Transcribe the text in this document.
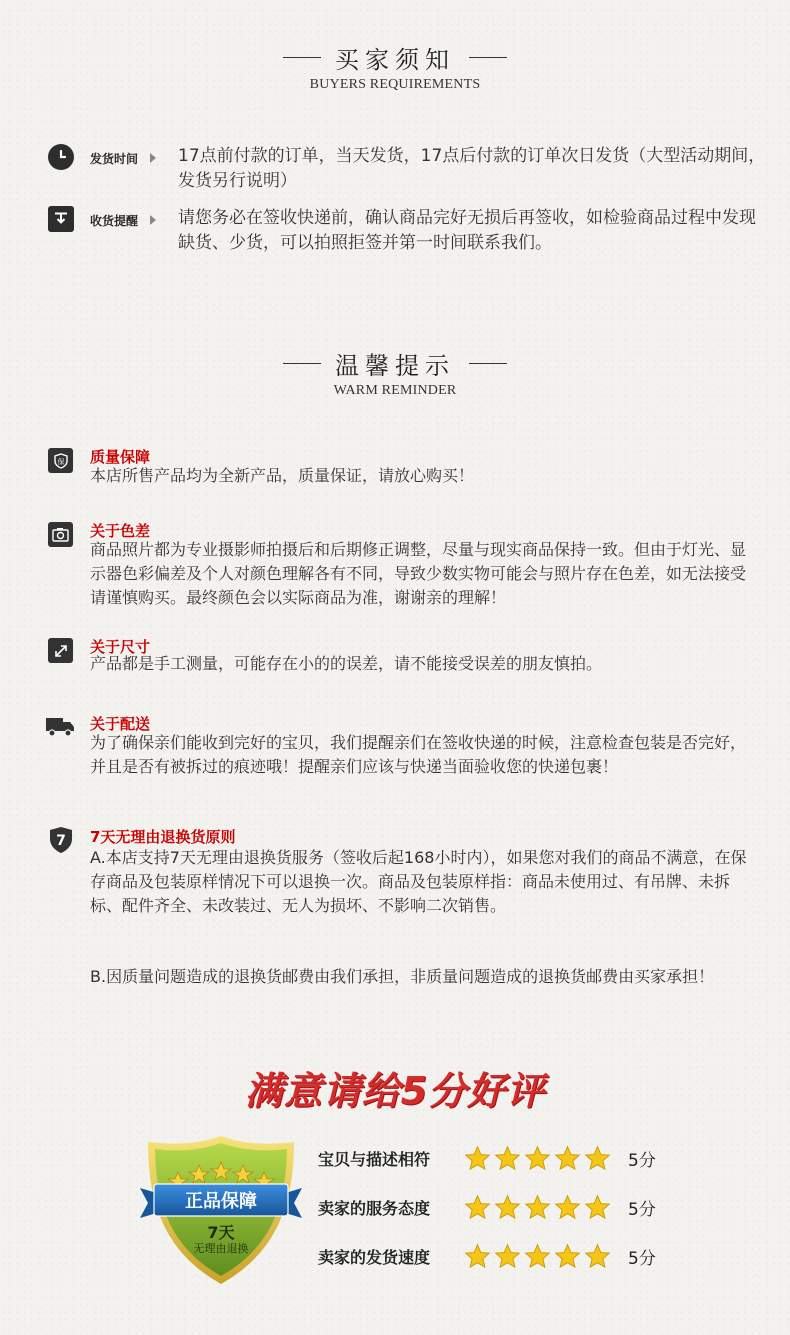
买家须知
BUYERS REQUIREMENTS
发货时间	17点前付款的订单，当天发货，17点后付款的订单次日发货（大型活动期间，发货另行说明）
收货提醒	请您务必在签收快递前，确认商品完好无损后再签收，如检验商品过程中发现缺货、少货，可以拍照拒签并第一时间联系我们。
温馨提示
WARM REMINDER
保 质量保障
本店所售产品均为全新产品，质量保证，请放心购买！
关于色差
商品照片都为专业摄影师拍摄后和后期修正调整，尽量与现实商品保持一致。但由于灯光、显示器色彩偏差及个人对颜色理解各有不同，导致少数实物可能会与照片存在色差，如无法接受请谨慎购买。最终颜色会以实际商品为准，谢谢亲的理解！
关于尺寸
产品都是手工测量，可能存在小的的误差，请不能接受误差的朋友慎拍。
关于配送
为了确保亲们能收到完好的宝贝，我们提醒亲们在签收快递的时候，注意检查包装是否完好，并且是否有被拆过的痕迹哦！提醒亲们应该与快递当面验收您的快递包裹！
7 7天无理由退换货原则
A.本店支持7天无理由退换货服务（签收后起168小时内），如果您对我们的商品不满意，在保存商品及包装原样情况下可以退换一次。商品及包装原样指：商品未使用过、有吊牌、未拆标、配件齐全、未改装过、无人为损坏、不影响二次销售。
B.因质量问题造成的退换货邮费由我们承担，非质量问题造成的退换货邮费由买家承担！
满意请给5分好评
正品保障
7天
无理由退换
宝贝与描述相符	5分
卖家的服务态度	5分
卖家的发货速度	5分
